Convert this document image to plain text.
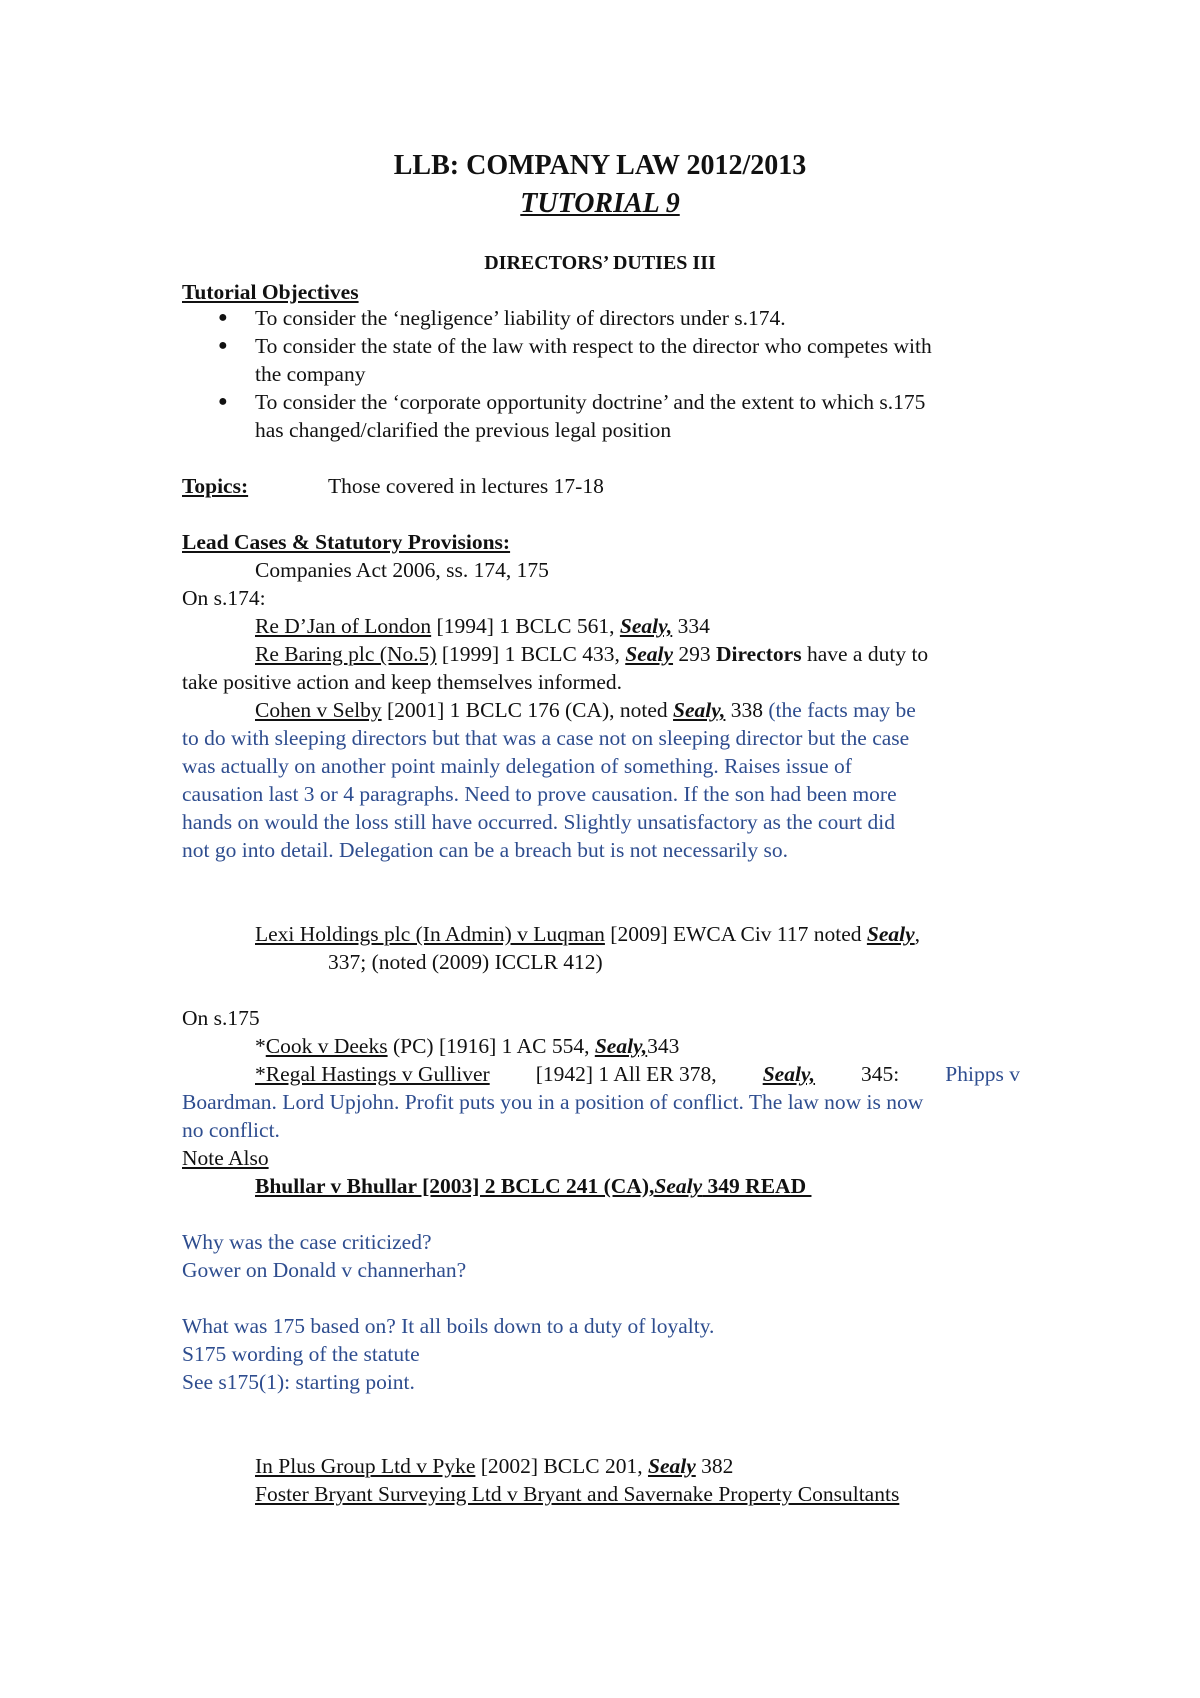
LLB: COMPANY LAW 2012/2013
TUTORIAL 9
DIRECTORS’ DUTIES III
Tutorial Objectives
● To consider the ‘negligence’ liability of directors under s.174.
● To consider the state of the law with respect to the director who competes with
the company
● To consider the ‘corporate opportunity doctrine’ and the extent to which s.175
has changed/clarified the previous legal position
Topics:	Those covered in lectures 17-18
Lead Cases & Statutory Provisions:
Companies Act 2006, ss. 174, 175
On s.174:
Re D’Jan of London [1994] 1 BCLC 561, Sealy, 334
Re Baring plc (No.5) [1999] 1 BCLC 433, Sealy 293 Directors have a duty to
take positive action and keep themselves informed.
Cohen v Selby [2001] 1 BCLC 176 (CA), noted Sealy, 338 (the facts may be
to do with sleeping directors but that was a case not on sleeping director but the case
was actually on another point mainly delegation of something. Raises issue of
causation last 3 or 4 paragraphs. Need to prove causation. If the son had been more
hands on would the loss still have occurred. Slightly unsatisfactory as the court did
not go into detail. Delegation can be a breach but is not necessarily so.
Lexi Holdings plc (In Admin) v Luqman [2009] EWCA Civ 117 noted Sealy,
337; (noted (2009) ICCLR 412)
On s.175
*Cook v Deeks (PC) [1916] 1 AC 554, Sealy,343
*Regal Hastings v Gulliver [1942] 1 All ER 378, Sealy, 345: Phipps v
Boardman. Lord Upjohn. Profit puts you in a position of conflict. The law now is now
no conflict.
Note Also
Bhullar v Bhullar [2003] 2 BCLC 241 (CA),Sealy 349 READ
Why was the case criticized?
Gower on Donald v channerhan?
What was 175 based on? It all boils down to a duty of loyalty.
S175 wording of the statute
See s175(1): starting point.
In Plus Group Ltd v Pyke [2002] BCLC 201, Sealy 382
Foster Bryant Surveying Ltd v Bryant and Savernake Property Consultants
